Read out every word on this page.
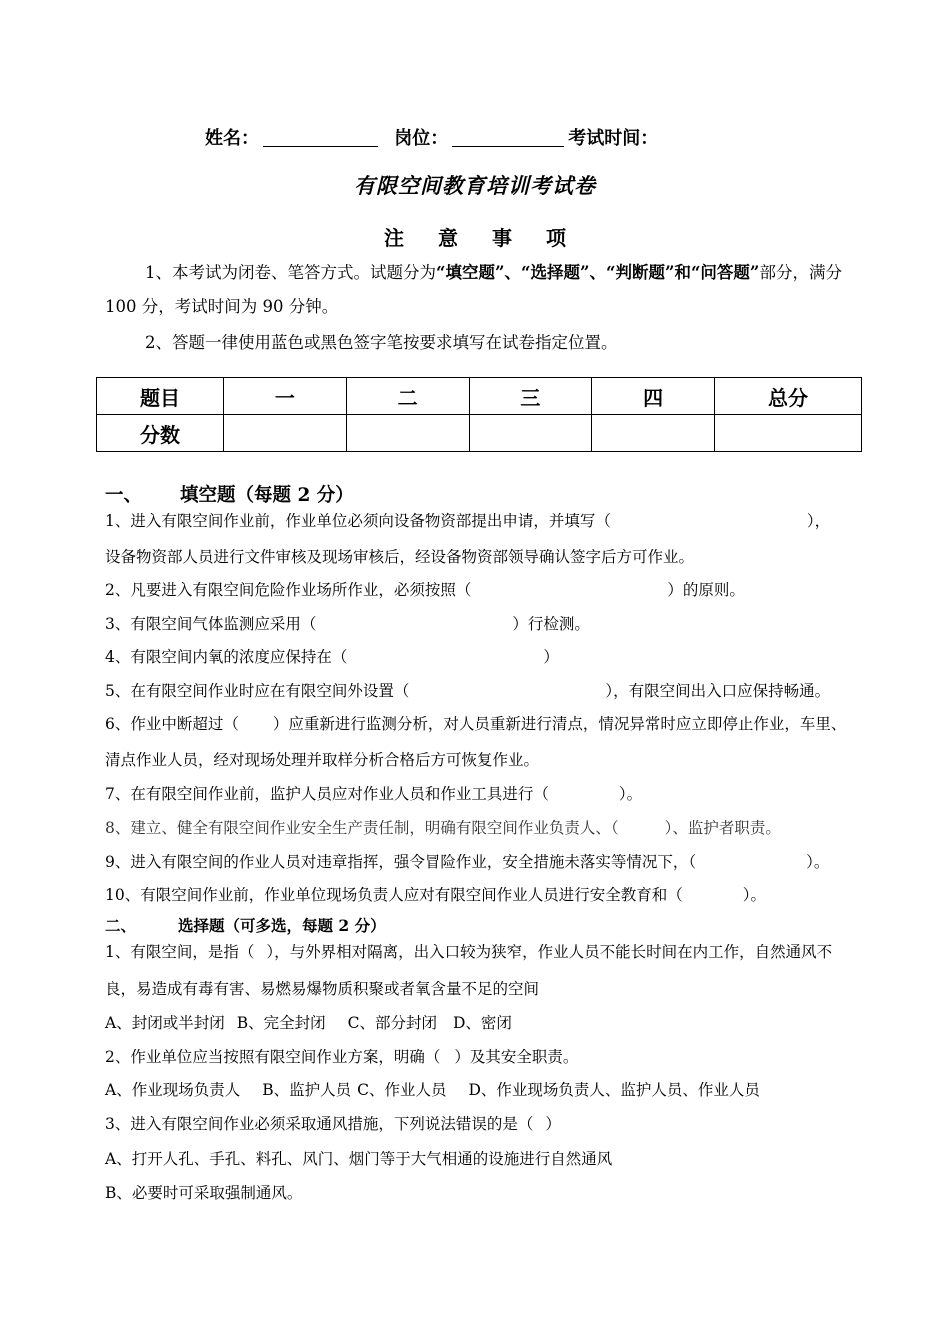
姓名：	岗位：	考试时间：
有限空间教育培训考试卷
注意事项
1、本考试为闭卷、笔答方式。试题分为“填空题”、“选择题”、“判断题”和“问答题”部分，满分 100 分，考试时间为 90 分钟。
2、答题一律使用蓝色或黑色签字笔按要求填写在试卷指定位置。
题目	一	二	三	四	总分
分数					
一、 填空题（每题 2 分）
1、进入有限空间作业前，作业单位必须向设备物资部提出申请，并填写（	），
设备物资部人员进行文件审核及现场审核后，经设备物资部领导确认签字后方可作业。
2、凡要进入有限空间危险作业场所作业，必须按照（	）的原则。
3、有限空间气体监测应采用（	）行检测。
4、有限空间内氧的浓度应保持在（	）
5、在有限空间作业时应在有限空间外设置（	），有限空间出入口应保持畅通。
6、作业中断超过（ ）应重新进行监测分析，对人员重新进行清点，情况异常时应立即停止作业，车里、
清点作业人员，经对现场处理并取样分析合格后方可恢复作业。
7、在有限空间作业前，监护人员应对作业人员和作业工具进行（	）。
8、建立、健全有限空间作业安全生产责任制，明确有限空间作业负责人、（	）、监护者职责。
9、进入有限空间的作业人员对违章指挥，强令冒险作业，安全措施未落实等情况下，（	）。
10、有限空间作业前，作业单位现场负责人应对有限空间作业人员进行安全教育和（	）。
二、	选择题（可多选，每题 2 分）
1、有限空间，是指（ ），与外界相对隔离，出入口较为狭窄，作业人员不能长时间在内工作，自然通风不
良，易造成有毒有害、易燃易爆物质积聚或者氧含量不足的空间
A、封闭或半封闭 B、完全封闭 C、部分封闭 D、密闭
2、作业单位应当按照有限空间作业方案，明确（ ）及其安全职责。
A、作业现场负责人 B、监护人员 C、作业人员 D、作业现场负责人、监护人员、作业人员
3、进入有限空间作业必须采取通风措施，下列说法错误的是（ ）
A、打开人孔、手孔、料孔、风门、烟门等于大气相通的设施进行自然通风
B、必要时可采取强制通风。
